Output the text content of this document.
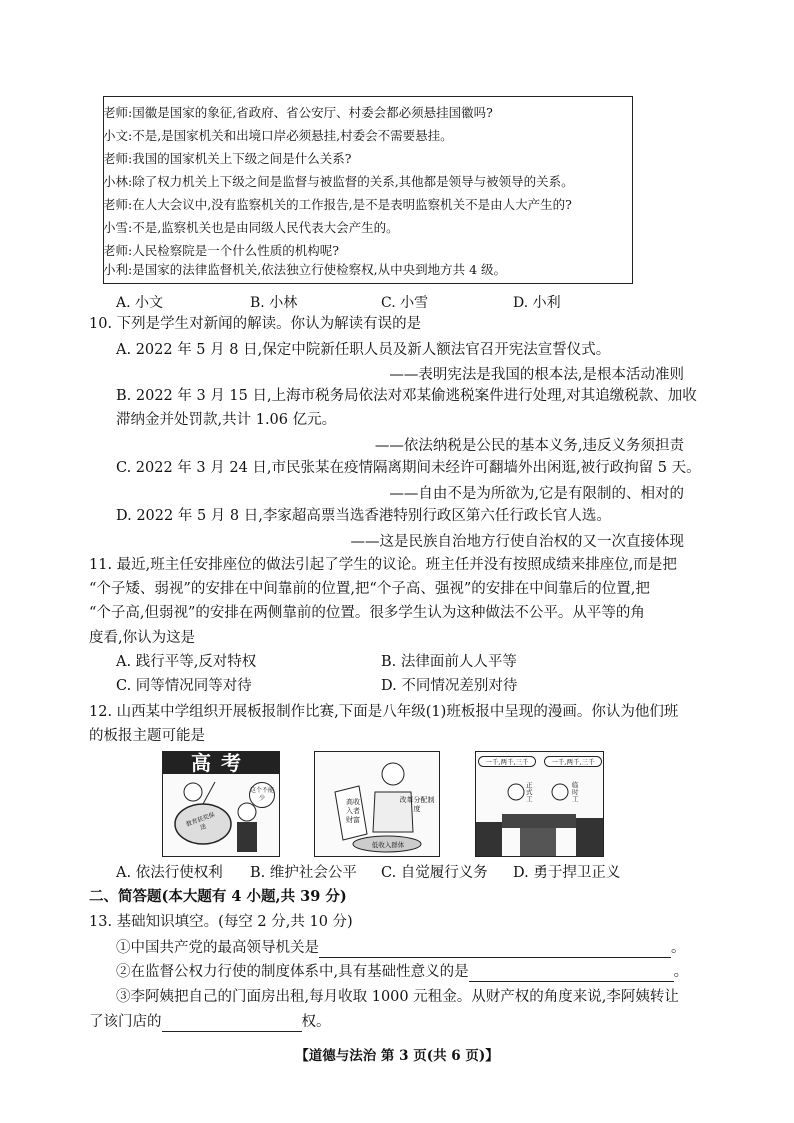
老师:国徽是国家的象征,省政府、省公安厅、村委会都必须悬挂国徽吗?
小文:不是,是国家机关和出境口岸必须悬挂,村委会不需要悬挂。
老师:我国的国家机关上下级之间是什么关系?
小林:除了权力机关上下级之间是监督与被监督的关系,其他都是领导与被领导的关系。
老师:在人大会议中,没有监察机关的工作报告,是不是表明监察机关不是由人大产生的?
小雪:不是,监察机关也是由同级人民代表大会产生的。
老师:人民检察院是一个什么性质的机构呢?
小利:是国家的法律监督机关,依法独立行使检察权,从中央到地方共 4 级。
A. 小文	B. 小林	C. 小雪	D. 小利
10. 下列是学生对新闻的解读。你认为解读有误的是
A. 2022 年 5 月 8 日,保定中院新任职人员及新人额法官召开宪法宣誓仪式。
——表明宪法是我国的根本法,是根本活动准则
B. 2022 年 3 月 15 日,上海市税务局依法对邓某偷逃税案件进行处理,对其追缴税款、加收
滞纳金并处罚款,共计 1.06 亿元。
——依法纳税是公民的基本义务,违反义务须担责
C. 2022 年 3 月 24 日,市民张某在疫情隔离期间未经许可翻墙外出闲逛,被行政拘留 5 天。
——自由不是为所欲为,它是有限制的、相对的
D. 2022 年 5 月 8 日,李家超高票当选香港特别行政区第六任行政长官人选。
——这是民族自治地方行使自治权的又一次直接体现
11. 最近,班主任安排座位的做法引起了学生的议论。班主任并没有按照成绩来排座位,而是把
“个子矮、弱视”的安排在中间靠前的位置,把“个子高、强视”的安排在中间靠后的位置,把
“个子高,但弱视”的安排在两侧靠前的位置。很多学生认为这种做法不公平。从平等的角
度看,你认为这是
A. 践行平等,反对特权	B. 法律面前人人平等
C. 同等情况同等对待	D. 不同情况差别对待
12. 山西某中学组织开展板报制作比赛,下面是八年级(1)班板报中呈现的漫画。你认为他们班
的板报主题可能是
高考
这个不能少
教育获奖保送
高收入者财富
改革分配制度
低收入群体
一千,两千,三千	一千,两千,三千
正式工
临时工
A. 依法行使权利 B. 维护社会公平 C. 自觉履行义务 D. 勇于捍卫正义
二、简答题(本大题有 4 小题,共 39 分)
13. 基础知识填空。(每空 2 分,共 10 分)
①中国共产党的最高领导机关是	。
②在监督公权力行使的制度体系中,具有基础性意义的是	。
③李阿姨把自己的门面房出租,每月收取 1000 元租金。从财产权的角度来说,李阿姨转让
了该门店的	权。
【道德与法治 第 3 页(共 6 页)】
